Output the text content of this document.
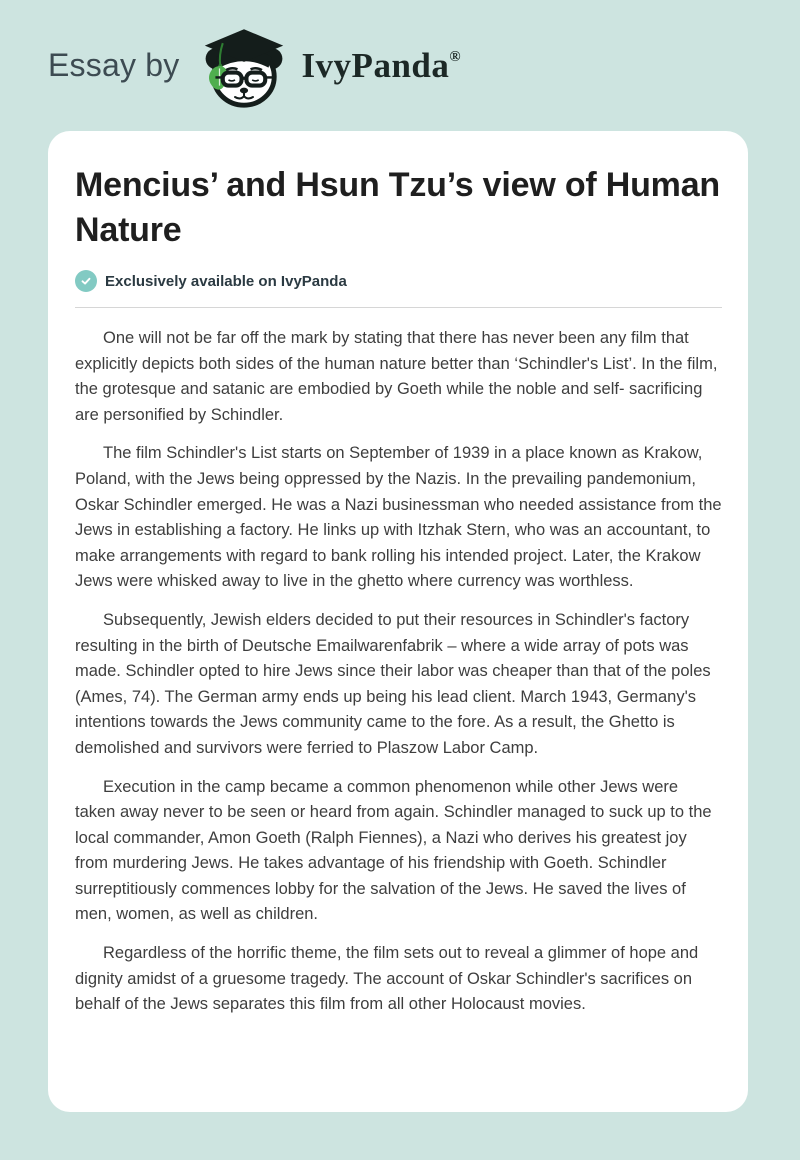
Essay by	IvyPanda®
Mencius’ and Hsun Tzu’s view of Human Nature
Exclusively available on IvyPanda

One will not be far off the mark by stating that there has never been any film that explicitly depicts both sides of the human nature better than ‘Schindler's List’. In the film, the grotesque and satanic are embodied by Goeth while the noble and self- sacrificing are personified by Schindler.

The film Schindler's List starts on September of 1939 in a place known as Krakow, Poland, with the Jews being oppressed by the Nazis. In the prevailing pandemonium, Oskar Schindler emerged. He was a Nazi businessman who needed assistance from the Jews in establishing a factory. He links up with Itzhak Stern, who was an accountant, to make arrangements with regard to bank rolling his intended project. Later, the Krakow Jews were whisked away to live in the ghetto where currency was worthless.

Subsequently, Jewish elders decided to put their resources in Schindler's factory resulting in the birth of Deutsche Emailwarenfabrik – where a wide array of pots was made. Schindler opted to hire Jews since their labor was cheaper than that of the poles (Ames, 74). The German army ends up being his lead client. March 1943, Germany's intentions towards the Jews community came to the fore. As a result, the Ghetto is demolished and survivors were ferried to Plaszow Labor Camp.

Execution in the camp became a common phenomenon while other Jews were taken away never to be seen or heard from again. Schindler managed to suck up to the local commander, Amon Goeth (Ralph Fiennes), a Nazi who derives his greatest joy from murdering Jews. He takes advantage of his friendship with Goeth. Schindler surreptitiously commences lobby for the salvation of the Jews. He saved the lives of men, women, as well as children.

Regardless of the horrific theme, the film sets out to reveal a glimmer of hope and dignity amidst of a gruesome tragedy. The account of Oskar Schindler's sacrifices on behalf of the Jews separates this film from all other Holocaust movies.
